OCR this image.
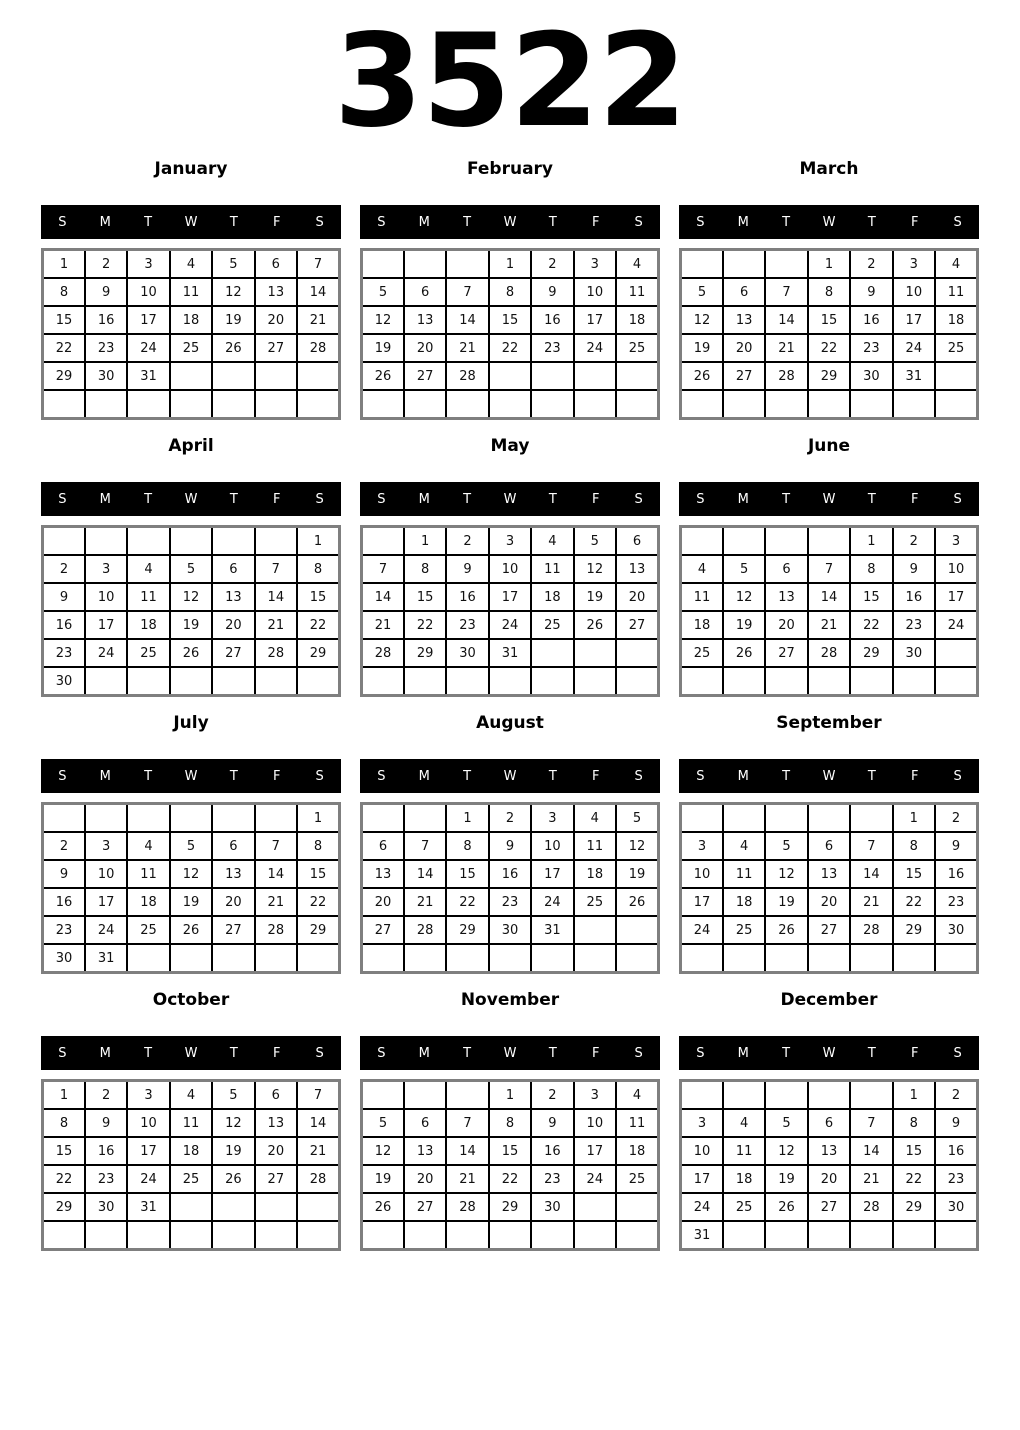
3522
January
S	M	T	W	T	F	S
1	2	3	4	5	6	7
8	9	10	11	12	13	14
15	16	17	18	19	20	21
22	23	24	25	26	27	28
29	30	31				

February
S	M	T	W	T	F	S
			1	2	3	4
5	6	7	8	9	10	11
12	13	14	15	16	17	18
19	20	21	22	23	24	25
26	27	28				

March
S	M	T	W	T	F	S
			1	2	3	4
5	6	7	8	9	10	11
12	13	14	15	16	17	18
19	20	21	22	23	24	25
26	27	28	29	30	31	

April
S	M	T	W	T	F	S
						1
2	3	4	5	6	7	8
9	10	11	12	13	14	15
16	17	18	19	20	21	22
23	24	25	26	27	28	29
30						
May
S	M	T	W	T	F	S
	1	2	3	4	5	6
7	8	9	10	11	12	13
14	15	16	17	18	19	20
21	22	23	24	25	26	27
28	29	30	31			

June
S	M	T	W	T	F	S
				1	2	3
4	5	6	7	8	9	10
11	12	13	14	15	16	17
18	19	20	21	22	23	24
25	26	27	28	29	30	

July
S	M	T	W	T	F	S
						1
2	3	4	5	6	7	8
9	10	11	12	13	14	15
16	17	18	19	20	21	22
23	24	25	26	27	28	29
30	31					
August
S	M	T	W	T	F	S
		1	2	3	4	5
6	7	8	9	10	11	12
13	14	15	16	17	18	19
20	21	22	23	24	25	26
27	28	29	30	31		

September
S	M	T	W	T	F	S
					1	2
3	4	5	6	7	8	9
10	11	12	13	14	15	16
17	18	19	20	21	22	23
24	25	26	27	28	29	30

October
S	M	T	W	T	F	S
1	2	3	4	5	6	7
8	9	10	11	12	13	14
15	16	17	18	19	20	21
22	23	24	25	26	27	28
29	30	31				

November
S	M	T	W	T	F	S
			1	2	3	4
5	6	7	8	9	10	11
12	13	14	15	16	17	18
19	20	21	22	23	24	25
26	27	28	29	30		

December
S	M	T	W	T	F	S
					1	2
3	4	5	6	7	8	9
10	11	12	13	14	15	16
17	18	19	20	21	22	23
24	25	26	27	28	29	30
31						
